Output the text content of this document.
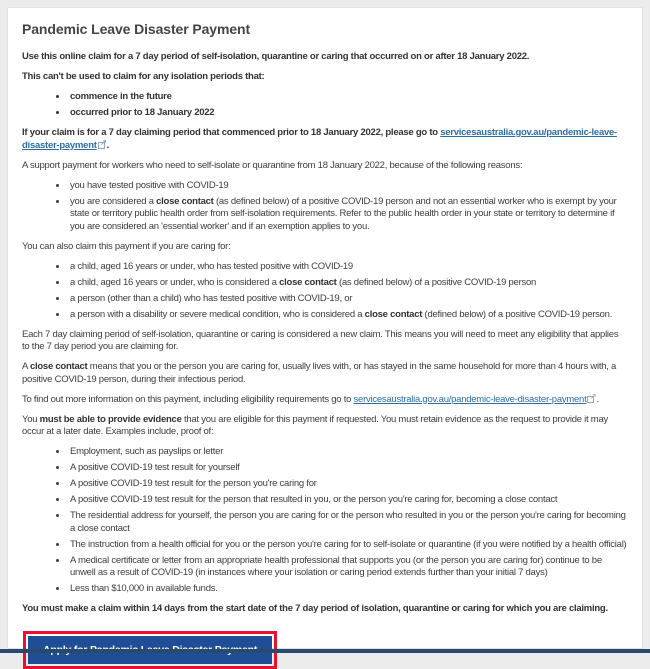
Pandemic Leave Disaster Payment

Use this online claim for a 7 day period of self-isolation, quarantine or caring that occurred on or after 18 January 2022.

This can't be used to claim for any isolation periods that:

• commence in the future
• occurred prior to 18 January 2022

If your claim is for a 7 day claiming period that commenced prior to 18 January 2022, please go to servicesaustralia.gov.au/pandemic-leave-disaster-payment ↗ .

A support payment for workers who need to self-isolate or quarantine from 18 January 2022, because of the following reasons:

• you have tested positive with COVID-19
• you are considered a close contact (as defined below) of a positive COVID-19 person and not an essential worker who is exempt by your state or territory public health order from self-isolation requirements. Refer to the public health order in your state or territory to determine if you are considered an 'essential worker' and if an exemption applies to you.

You can also claim this payment if you are caring for:

• a child, aged 16 years or under, who has tested positive with COVID-19
• a child, aged 16 years or under, who is considered a close contact (as defined below) of a positive COVID-19 person
• a person (other than a child) who has tested positive with COVID-19, or
• a person with a disability or severe medical condition, who is considered a close contact (defined below) of a positive COVID-19 person.

Each 7 day claiming period of self-isolation, quarantine or caring is considered a new claim. This means you will need to meet any eligibility that applies to the 7 day period you are claiming for.

A close contact means that you or the person you are caring for, usually lives with, or has stayed in the same household for more than 4 hours with, a positive COVID-19 person, during their infectious period.

To find out more information on this payment, including eligibility requirements go to servicesaustralia.gov.au/pandemic-leave-disaster-payment ↗ .

You must be able to provide evidence that you are eligible for this payment if requested. You must retain evidence as the request to provide it may occur at a later date. Examples include, proof of:

• Employment, such as payslips or letter
• A positive COVID-19 test result for yourself
• A positive COVID-19 test result for the person you're caring for
• A positive COVID-19 test result for the person that resulted in you, or the person you're caring for, becoming a close contact
• The residential address for yourself, the person you are caring for or the person who resulted in you or the person you're caring for becoming a close contact
• The instruction from a health official for you or the person you're caring for to self-isolate or quarantine (if you were notified by a health official)
• A medical certificate or letter from an appropriate health professional that supports you (or the person you are caring for) continue to be unwell as a result of COVID-19 (in instances where your isolation or caring period extends further than your initial 7 days)
• Less than $10,000 in available funds.

You must make a claim within 14 days from the start date of the 7 day period of isolation, quarantine or caring for which you are claiming.
